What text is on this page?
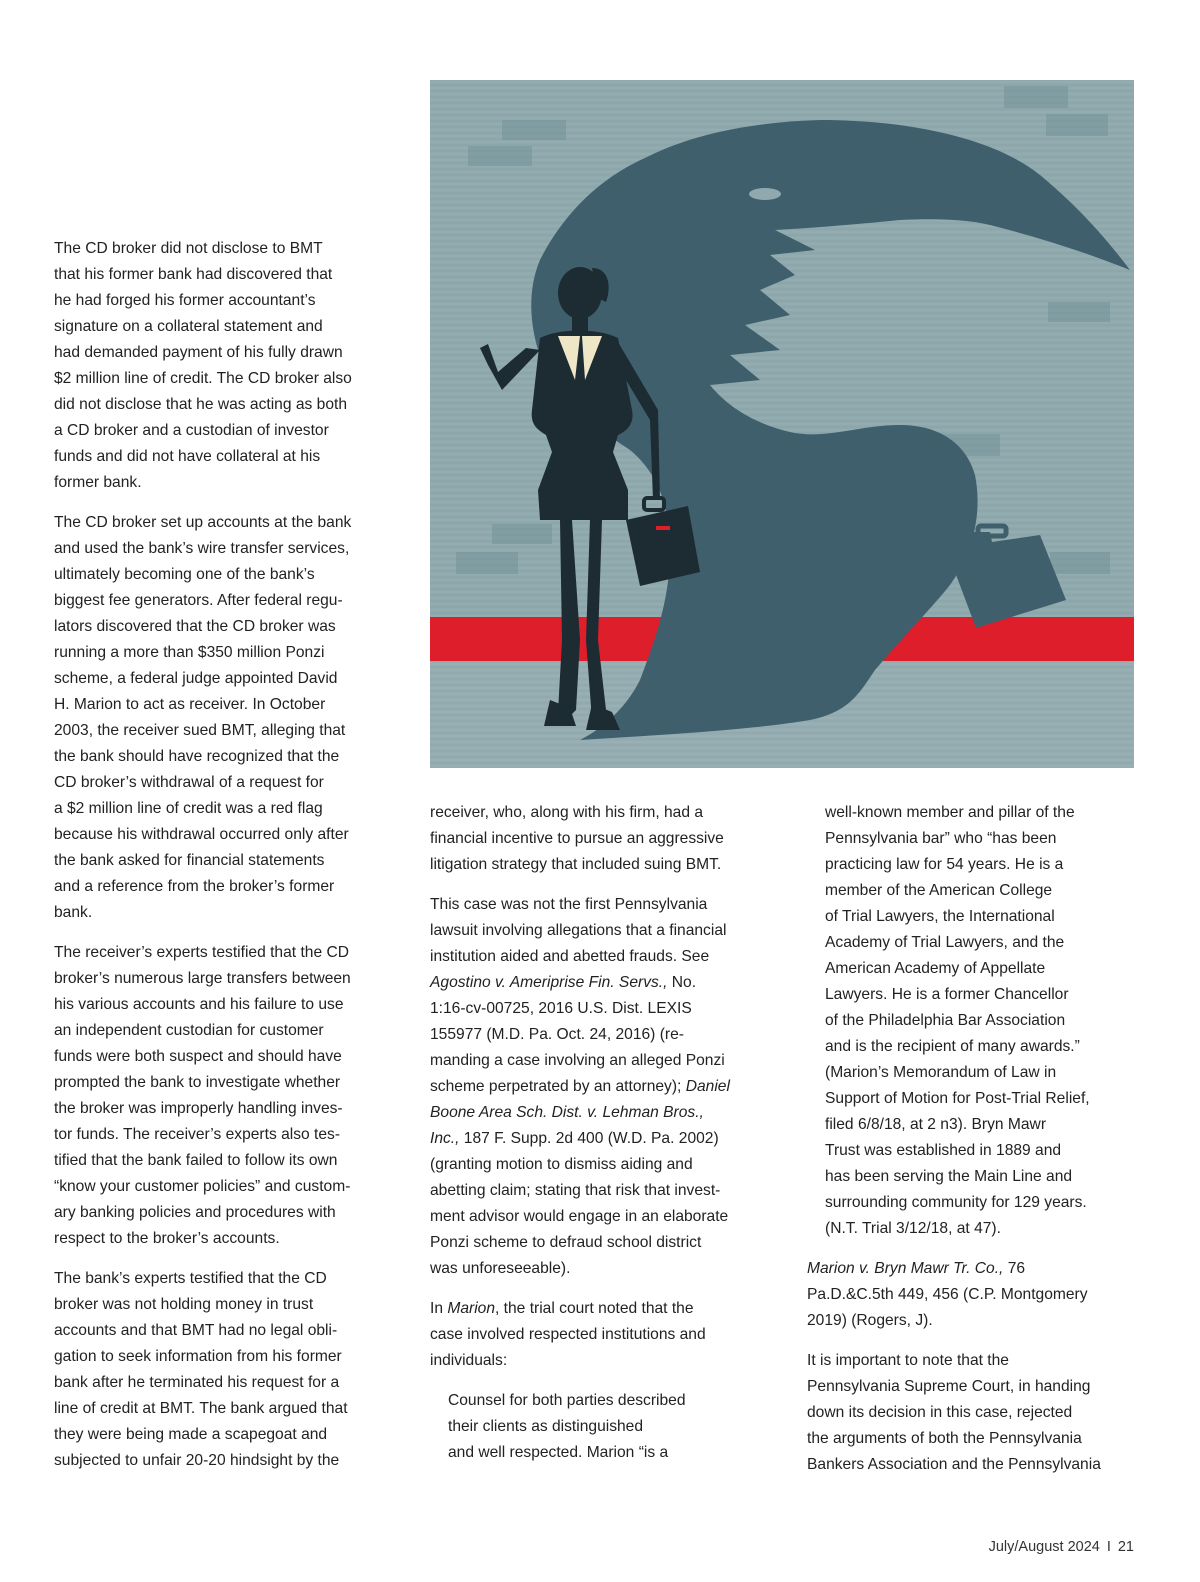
The CD broker did not disclose to BMT
that his former bank had discovered that
he had forged his former accountant’s
signature on a collateral statement and
had demanded payment of his fully drawn
$2 million line of credit. The CD broker also
did not disclose that he was acting as both
a CD broker and a custodian of investor
funds and did not have collateral at his
former bank.

The CD broker set up accounts at the bank
and used the bank’s wire transfer services,
ultimately becoming one of the bank’s
biggest fee generators. After federal regu-
lators discovered that the CD broker was
running a more than $350 million Ponzi
scheme, a federal judge appointed David
H. Marion to act as receiver. In October
2003, the receiver sued BMT, alleging that
the bank should have recognized that the
CD broker’s withdrawal of a request for
a $2 million line of credit was a red flag
because his withdrawal occurred only after
the bank asked for financial statements
and a reference from the broker’s former
bank.

The receiver’s experts testified that the CD
broker’s numerous large transfers between
his various accounts and his failure to use
an independent custodian for customer
funds were both suspect and should have
prompted the bank to investigate whether
the broker was improperly handling inves-
tor funds. The receiver’s experts also tes-
tified that the bank failed to follow its own
“know your customer policies” and custom-
ary banking policies and procedures with
respect to the broker’s accounts.

The bank’s experts testified that the CD
broker was not holding money in trust
accounts and that BMT had no legal obli-
gation to seek information from his former
bank after he terminated his request for a
line of credit at BMT. The bank argued that
they were being made a scapegoat and
subjected to unfair 20-20 hindsight by the

receiver, who, along with his firm, had a
financial incentive to pursue an aggressive
litigation strategy that included suing BMT.

This case was not the first Pennsylvania
lawsuit involving allegations that a financial
institution aided and abetted frauds. See
Agostino v. Ameriprise Fin. Servs., No.
1:16-cv-00725, 2016 U.S. Dist. LEXIS
155977 (M.D. Pa. Oct. 24, 2016) (re-
manding a case involving an alleged Ponzi
scheme perpetrated by an attorney); Daniel
Boone Area Sch. Dist. v. Lehman Bros.,
Inc., 187 F. Supp. 2d 400 (W.D. Pa. 2002)
(granting motion to dismiss aiding and
abetting claim; stating that risk that invest-
ment advisor would engage in an elaborate
Ponzi scheme to defraud school district
was unforeseeable).

In Marion, the trial court noted that the
case involved respected institutions and
individuals:

Counsel for both parties described
their clients as distinguished
and well respected. Marion “is a

well-known member and pillar of the
Pennsylvania bar” who “has been
practicing law for 54 years. He is a
member of the American College
of Trial Lawyers, the International
Academy of Trial Lawyers, and the
American Academy of Appellate
Lawyers. He is a former Chancellor
of the Philadelphia Bar Association
and is the recipient of many awards.”
(Marion’s Memorandum of Law in
Support of Motion for Post-Trial Relief,
filed 6/8/18, at 2 n3). Bryn Mawr
Trust was established in 1889 and
has been serving the Main Line and
surrounding community for 129 years.
(N.T. Trial 3/12/18, at 47).

Marion v. Bryn Mawr Tr. Co., 76
Pa.D.&C.5th 449, 456 (C.P. Montgomery
2019) (Rogers, J).

It is important to note that the
Pennsylvania Supreme Court, in handing
down its decision in this case, rejected
the arguments of both the Pennsylvania
Bankers Association and the Pennsylvania

July/August 2024 I 21
